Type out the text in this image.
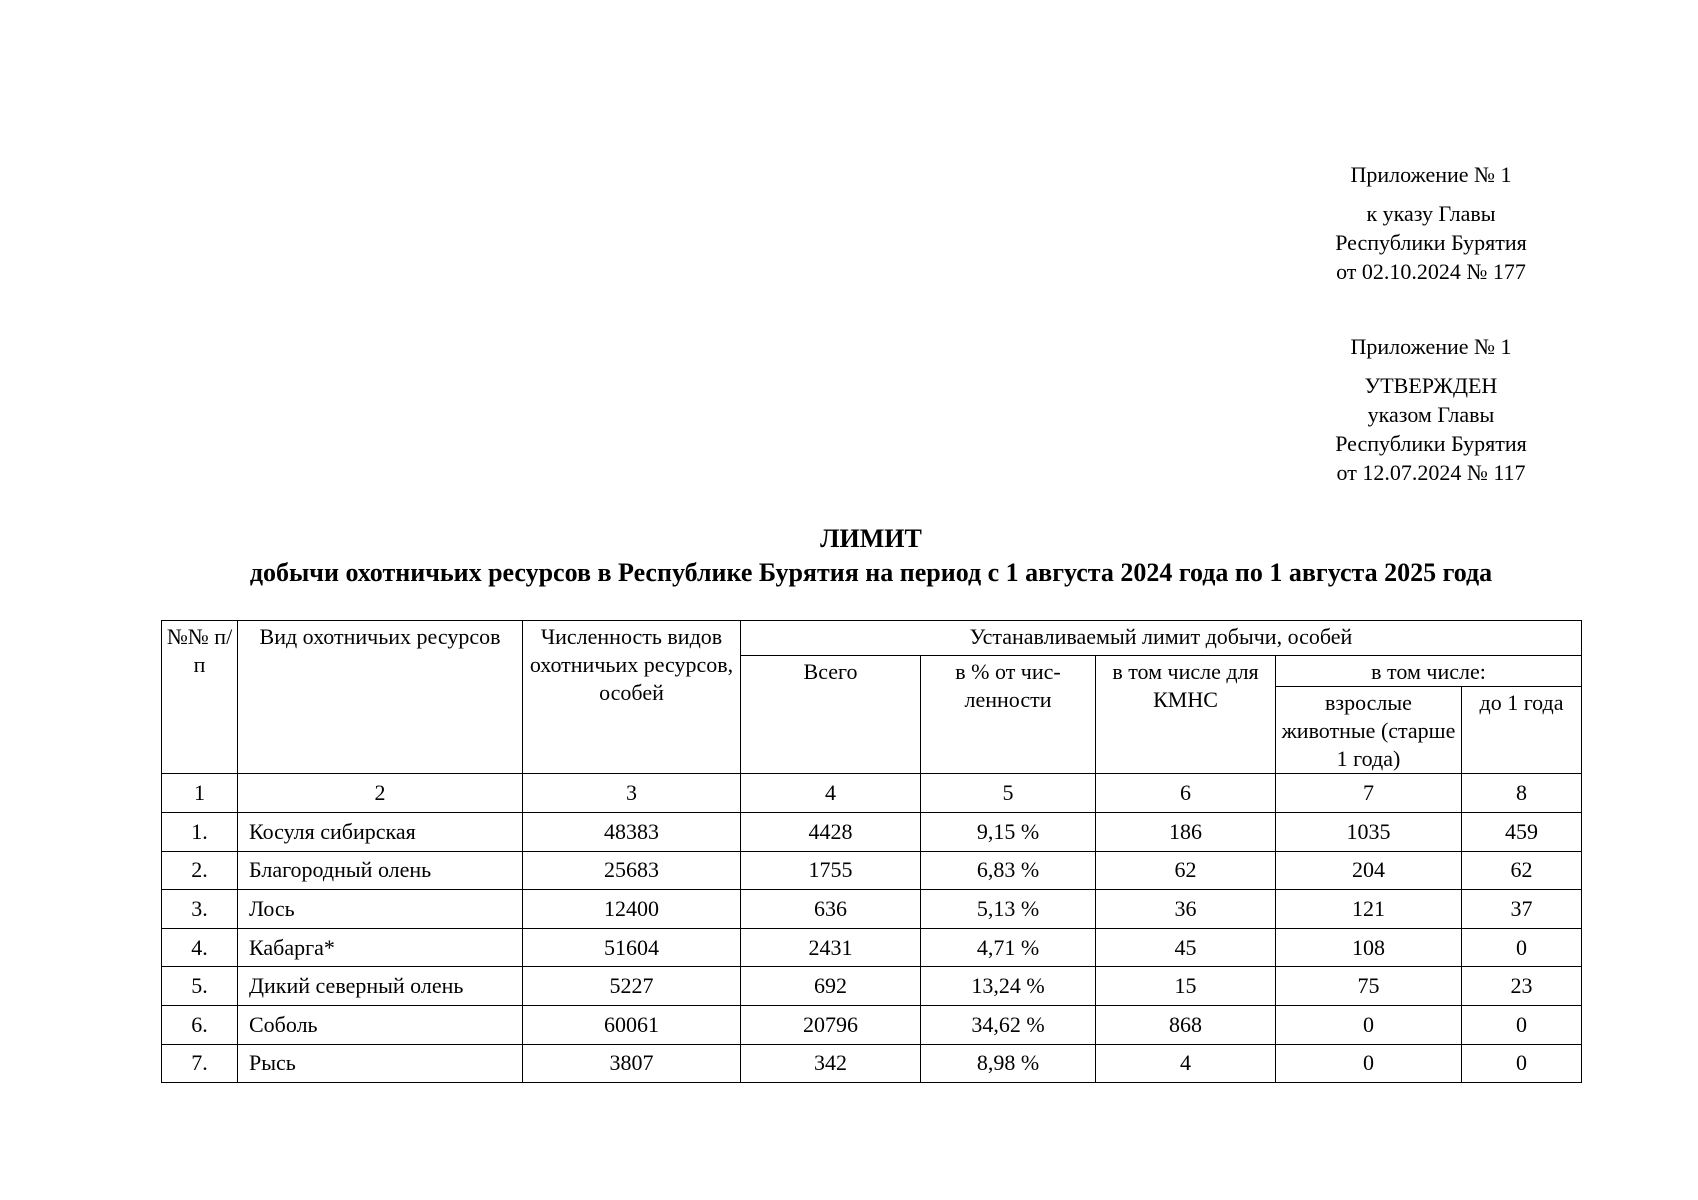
Приложение № 1
к указу Главы
Республики Бурятия
от 02.10.2024 № 177
Приложение № 1
УТВЕРЖДЕН
указом Главы
Республики Бурятия
от 12.07.2024 № 117
ЛИМИТ
добычи охотничьих ресурсов в Республике Бурятия на период с 1 августа 2024 года по 1 августа 2025 года
№№ п/п	Вид охотничьих ресурсов	Численность видов охотничьих ресурсов, особей	Устанавливаемый лимит добычи, особей				
			Всего	в % от чис-ленности	в том числе для КМНС	в том числе:	
						взрослые животные (старше 1 года)	до 1 года
1	2	3	4	5	6	7	8
1.	Косуля сибирская	48383	4428	9,15 %	186	1035	459
2.	Благородный олень	25683	1755	6,83 %	62	204	62
3.	Лось	12400	636	5,13 %	36	121	37
4.	Кабарга*	51604	2431	4,71 %	45	108	0
5.	Дикий северный олень	5227	692	13,24 %	15	75	23
6.	Соболь	60061	20796	34,62 %	868	0	0
7.	Рысь	3807	342	8,98 %	4	0	0
